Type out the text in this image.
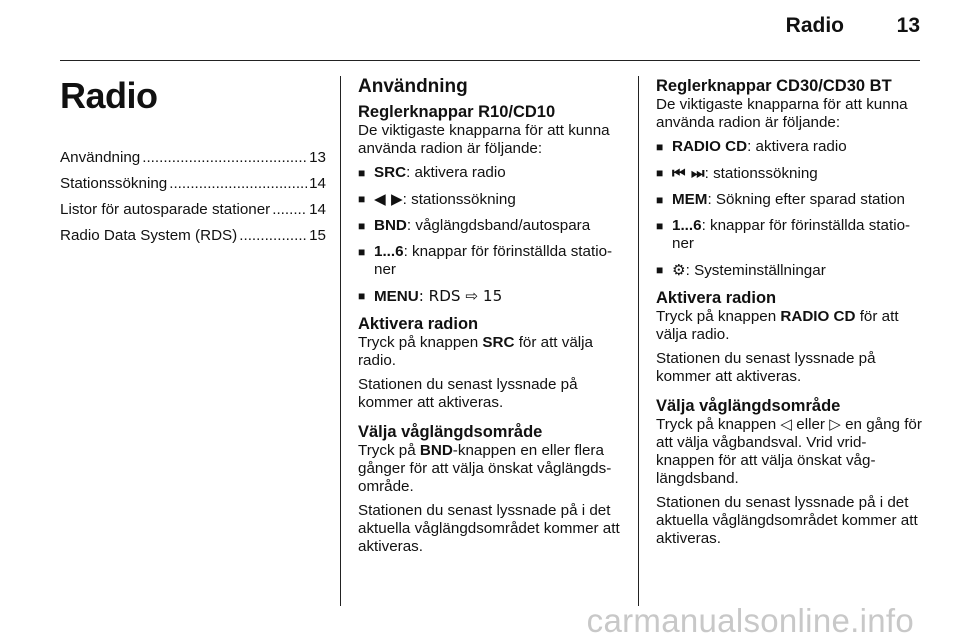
Radio	13
Radio
Användning .....	13
Stationssökning .....	14
Listor för autosparade stationer .....	14
Radio Data System (RDS) .....	15
Användning
Reglerknappar R10/CD10

De viktigaste knapparna för att kunna använda radion är följande:

■ SRC: aktivera radio
■ ◀ ▶: stationssökning
■ BND: våglängdsband/autospara
■ 1...6: knappar för förinställda statio-ner
■ MENU: RDS ⇨ 15
Aktivera radion

Tryck på knappen SRC för att välja radio.

Stationen du senast lyssnade på kommer att aktiveras.

Välja våglängdsområde

Tryck på BND-knappen en eller flera gånger för att välja önskat våglängds-område.

Stationen du senast lyssnade på i det aktuella våglängdsområdet kommer att aktiveras.

Reglerknappar CD30/CD30 BT

De viktigaste knapparna för att kunna använda radion är följande:

■ RADIO CD: aktivera radio
■ ⏮ ⏭: stationssökning
■ MEM: Sökning efter sparad station
■ 1...6: knappar för förinställda statio-ner
■ ⚙: Systeminställningar
Aktivera radion

Tryck på knappen RADIO CD för att välja radio.

Stationen du senast lyssnade på kommer att aktiveras.

Välja våglängdsområde

Tryck på knappen ◁ eller ▷ en gång för att välja vågbandsval. Vrid vrid-knappen för att välja önskat våg-längdsband.

Stationen du senast lyssnade på i det aktuella våglängdsområdet kommer att aktiveras.

carmanualsonline.info
